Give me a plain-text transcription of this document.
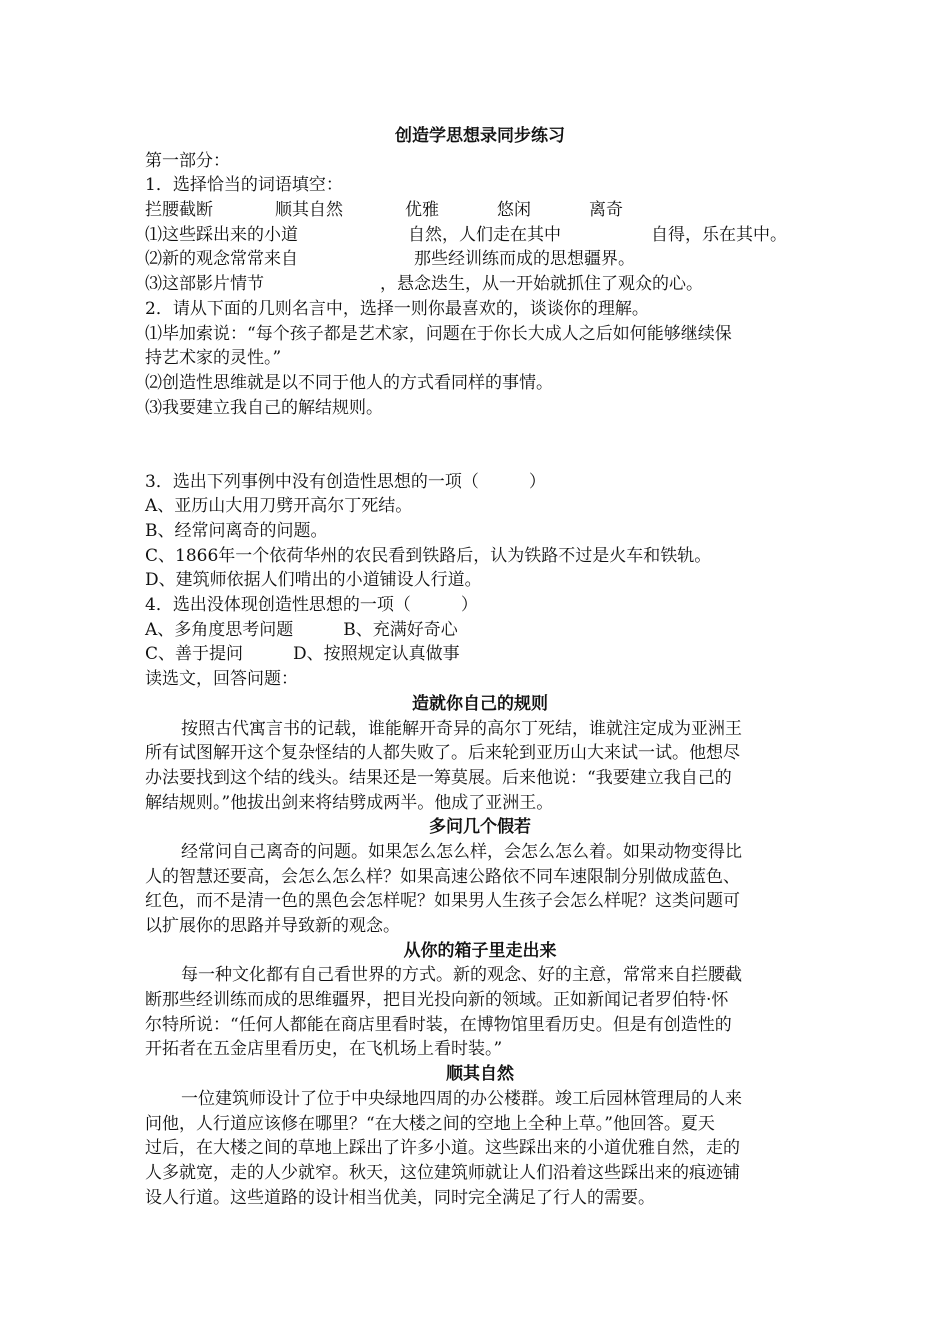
创造学思想录同步练习
第一部分：
1．选择恰当的词语填空：
拦腰截断	顺其自然	优雅	悠闲	离奇
⑴这些踩出来的小道	自然，人们走在其中	自得，乐在其中。
⑵新的观念常常来自	那些经训练而成的思想疆界。
⑶这部影片情节	，悬念迭生，从一开始就抓住了观众的心。
2．请从下面的几则名言中，选择一则你最喜欢的，谈谈你的理解。
⑴毕加索说：“每个孩子都是艺术家，问题在于你长大成人之后如何能够继续保
持艺术家的灵性。”
⑵创造性思维就是以不同于他人的方式看同样的事情。
⑶我要建立我自己的解结规则。
3．选出下列事例中没有创造性思想的一项（	）
A、亚历山大用刀劈开高尔丁死结。
B、经常问离奇的问题。
C、1866年一个依荷华州的农民看到铁路后，认为铁路不过是火车和铁轨。
D、建筑师依据人们啃出的小道铺设人行道。
4．选出没体现创造性思想的一项（	）
A、多角度思考问题	B、充满好奇心
C、善于提问	D、按照规定认真做事
读选文，回答问题：
造就你自己的规则
按照古代寓言书的记载，谁能解开奇异的高尔丁死结，谁就注定成为亚洲王
所有试图解开这个复杂怪结的人都失败了。后来轮到亚历山大来试一试。他想尽
办法要找到这个结的线头。结果还是一筹莫展。后来他说：“我要建立我自己的
解结规则。”他拔出剑来将结劈成两半。他成了亚洲王。
多问几个假若
经常问自己离奇的问题。如果怎么怎么样，会怎么怎么着。如果动物变得比
人的智慧还要高，会怎么怎么样？如果高速公路依不同车速限制分别做成蓝色、
红色，而不是清一色的黑色会怎样呢？如果男人生孩子会怎么样呢？这类问题可
以扩展你的思路并导致新的观念。
从你的箱子里走出来
每一种文化都有自己看世界的方式。新的观念、好的主意，常常来自拦腰截
断那些经训练而成的思维疆界，把目光投向新的领域。正如新闻记者罗伯特·怀
尔特所说：“任何人都能在商店里看时装，在博物馆里看历史。但是有创造性的
开拓者在五金店里看历史，在飞机场上看时装。”
顺其自然
一位建筑师设计了位于中央绿地四周的办公楼群。竣工后园林管理局的人来
问他，人行道应该修在哪里？“在大楼之间的空地上全种上草。”他回答。夏天
过后，在大楼之间的草地上踩出了许多小道。这些踩出来的小道优雅自然，走的
人多就宽，走的人少就窄。秋天，这位建筑师就让人们沿着这些踩出来的痕迹铺
设人行道。这些道路的设计相当优美，同时完全满足了行人的需要。
